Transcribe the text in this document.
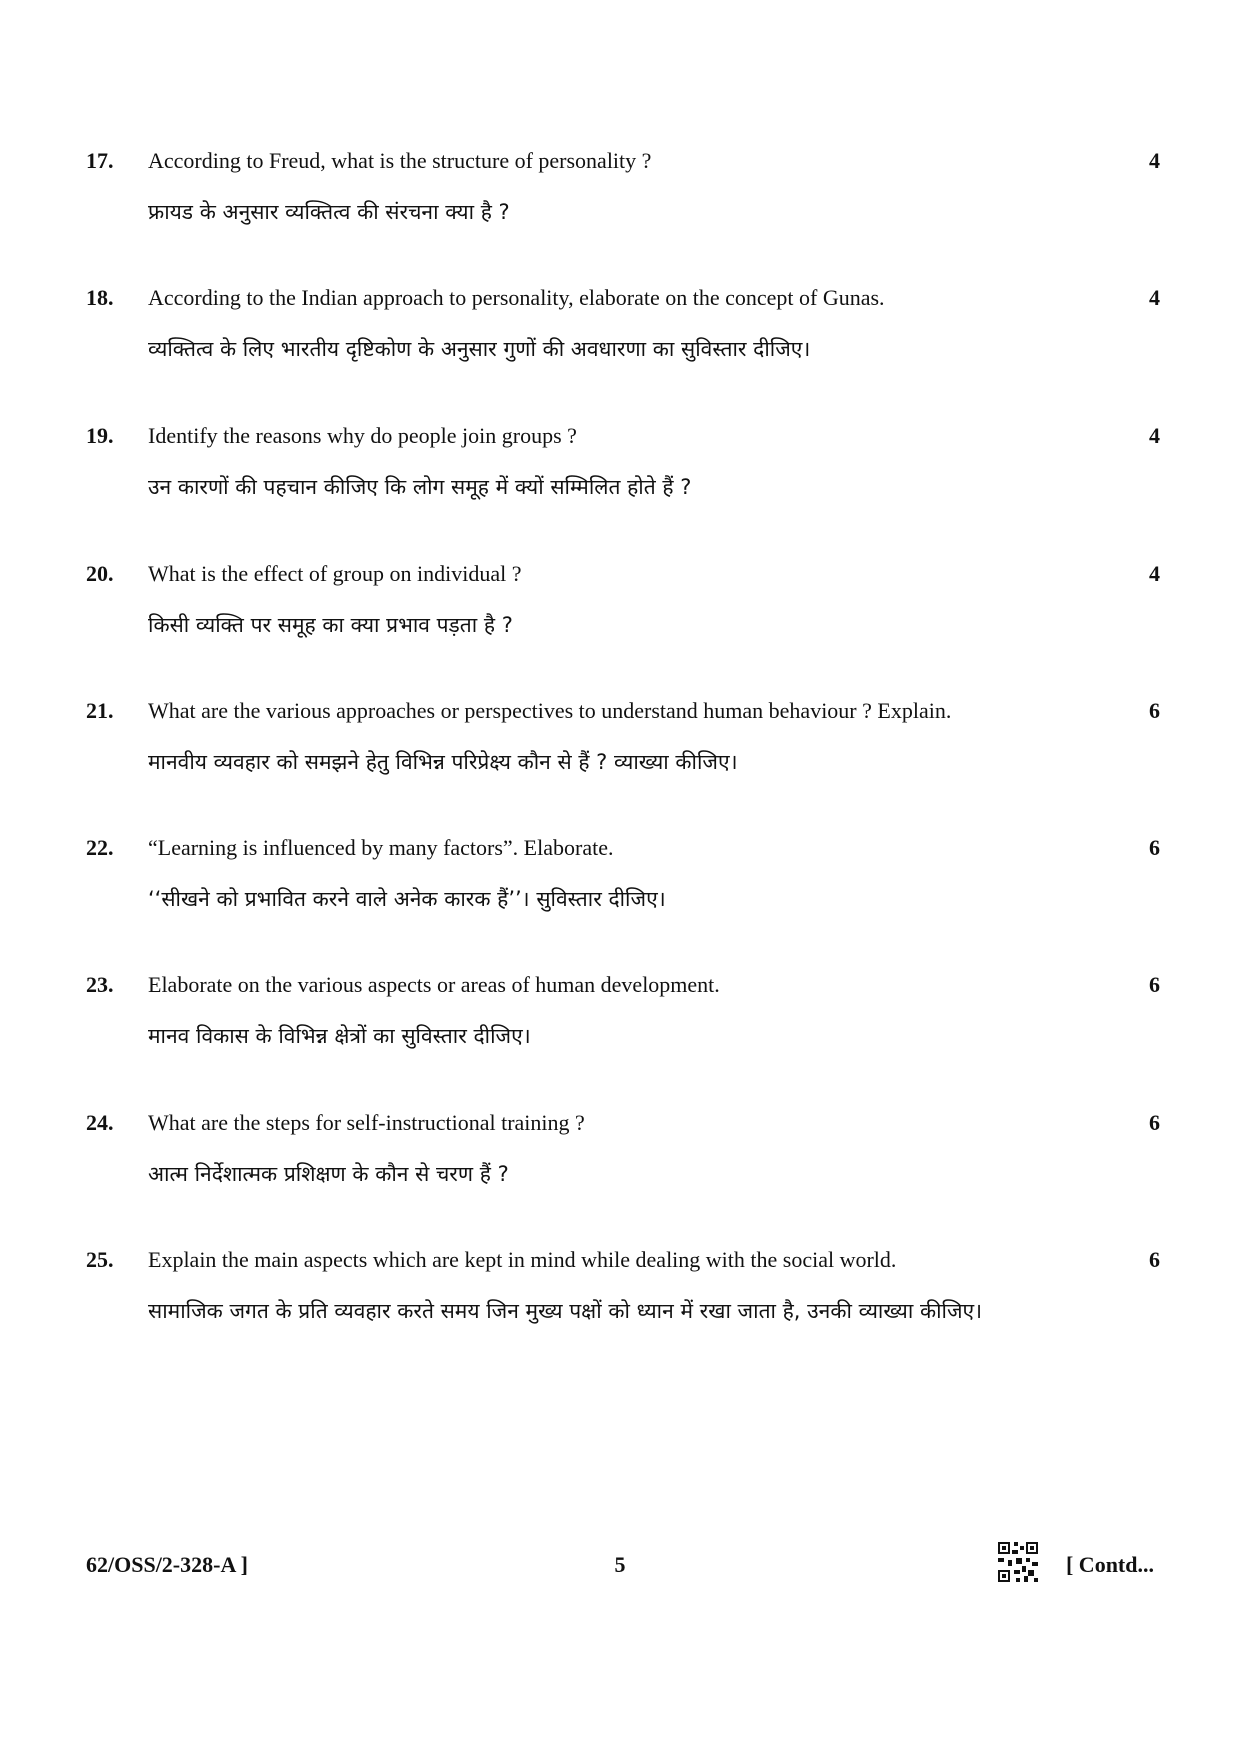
17. According to Freud, what is the structure of personality ?
फ्रायड के अनुसार व्यक्तित्व की संरचना क्या है ?
4
18. According to the Indian approach to personality, elaborate on the concept of Gunas.
व्यक्तित्व के लिए भारतीय दृष्टिकोण के अनुसार गुणों की अवधारणा का सुविस्तार दीजिए।
4
19. Identify the reasons why do people join groups ?
उन कारणों की पहचान कीजिए कि लोग समूह में क्यों सम्मिलित होते हैं ?
4
20. What is the effect of group on individual ?
किसी व्यक्ति पर समूह का क्या प्रभाव पड़ता है ?
4
21. What are the various approaches or perspectives to understand human behaviour ? Explain.
मानवीय व्यवहार को समझने हेतु विभिन्न परिप्रेक्ष्य कौन से हैं ? व्याख्या कीजिए।
6
22. “Learning is influenced by many factors”. Elaborate.
‘‘सीखने को प्रभावित करने वाले अनेक कारक हैं’’। सुविस्तार दीजिए।
6
23. Elaborate on the various aspects or areas of human development.
मानव विकास के विभिन्न क्षेत्रों का सुविस्तार दीजिए।
6
24. What are the steps for self-instructional training ?
आत्म निर्देशात्मक प्रशिक्षण के कौन से चरण हैं ?
6
25. Explain the main aspects which are kept in mind while dealing with the social world.
सामाजिक जगत के प्रति व्यवहार करते समय जिन मुख्य पक्षों को ध्यान में रखा जाता है, उनकी व्याख्या कीजिए।
6
62/OSS/2-328-A ]	5	[ Contd...
